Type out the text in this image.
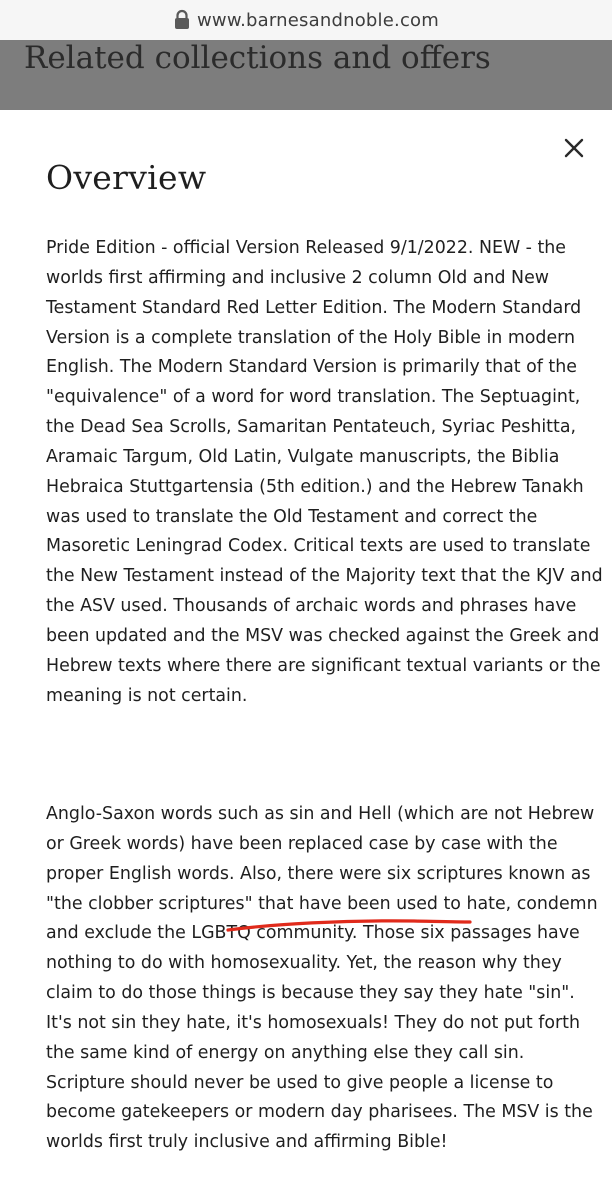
www.barnesandnoble.com
Related collections and offers
Overview

Pride Edition - official Version Released 9/1/2022. NEW - the worlds first affirming and inclusive 2 column Old and New Testament Standard Red Letter Edition. The Modern Standard Version is a complete translation of the Holy Bible in modern English. The Modern Standard Version is primarily that of the "equivalence" of a word for word translation. The Septuagint, the Dead Sea Scrolls, Samaritan Pentateuch, Syriac Peshitta, Aramaic Targum, Old Latin, Vulgate manuscripts, the Biblia Hebraica Stuttgartensia (5th edition.) and the Hebrew Tanakh was used to translate the Old Testament and correct the Masoretic Leningrad Codex. Critical texts are used to translate the New Testament instead of the Majority text that the KJV and the ASV used. Thousands of archaic words and phrases have been updated and the MSV was checked against the Greek and Hebrew texts where there are significant textual variants or the meaning is not certain.

Anglo-Saxon words such as sin and Hell (which are not Hebrew or Greek words) have been replaced case by case with the proper English words. Also, there were six scriptures known as "the clobber scriptures" that have been used to hate, condemn and exclude the LGBTQ community. Those six passages have nothing to do with homosexuality. Yet, the reason why they claim to do those things is because they say they hate "sin". It's not sin they hate, it's homosexuals! They do not put forth the same kind of energy on anything else they call sin. Scripture should never be used to give people a license to become gatekeepers or modern day pharisees. The MSV is the worlds first truly inclusive and affirming Bible!
